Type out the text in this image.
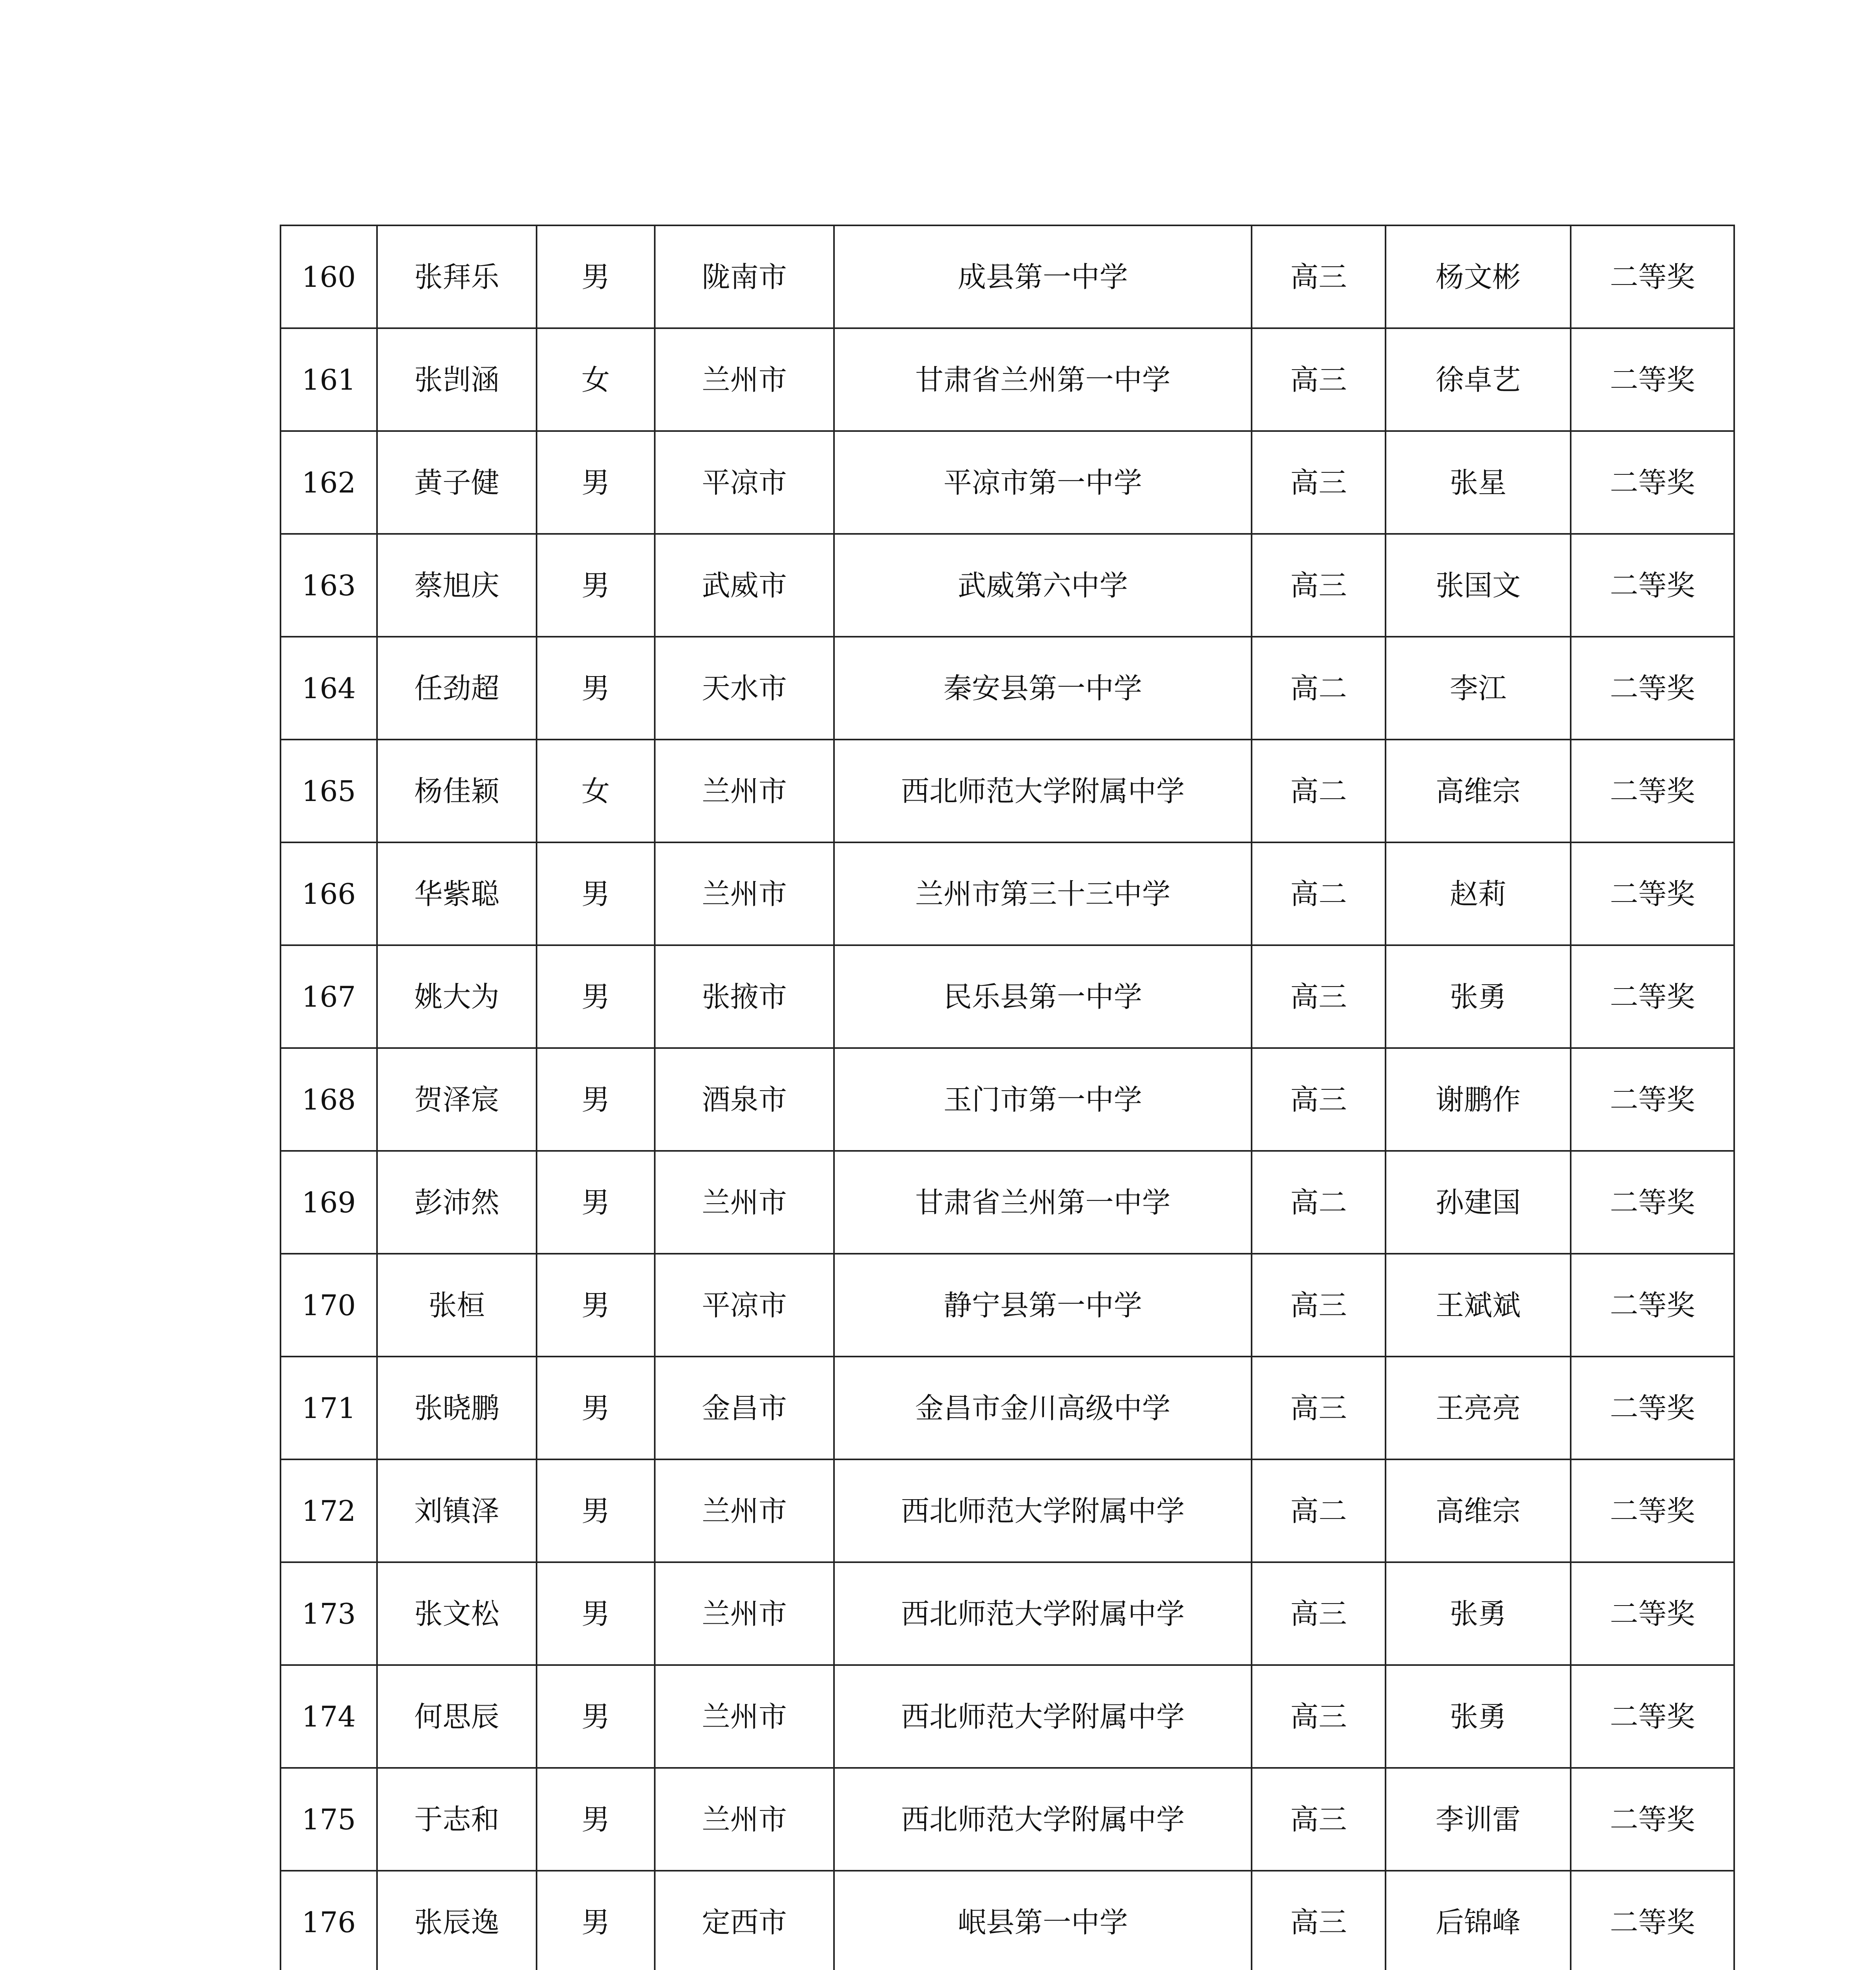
160	张拜乐	男	陇南市	成县第一中学	高三	杨文彬	二等奖
161	张剀涵	女	兰州市	甘肃省兰州第一中学	高三	徐卓艺	二等奖
162	黄子健	男	平凉市	平凉市第一中学	高三	张星	二等奖
163	蔡旭庆	男	武威市	武威第六中学	高三	张国文	二等奖
164	任劲超	男	天水市	秦安县第一中学	高二	李江	二等奖
165	杨佳颖	女	兰州市	西北师范大学附属中学	高二	高维宗	二等奖
166	华紫聪	男	兰州市	兰州市第三十三中学	高二	赵莉	二等奖
167	姚大为	男	张掖市	民乐县第一中学	高三	张勇	二等奖
168	贺泽宸	男	酒泉市	玉门市第一中学	高三	谢鹏作	二等奖
169	彭沛然	男	兰州市	甘肃省兰州第一中学	高二	孙建国	二等奖
170	张桓	男	平凉市	静宁县第一中学	高三	王斌斌	二等奖
171	张晓鹏	男	金昌市	金昌市金川高级中学	高三	王亮亮	二等奖
172	刘镇泽	男	兰州市	西北师范大学附属中学	高二	高维宗	二等奖
173	张文松	男	兰州市	西北师范大学附属中学	高三	张勇	二等奖
174	何思辰	男	兰州市	西北师范大学附属中学	高三	张勇	二等奖
175	于志和	男	兰州市	西北师范大学附属中学	高三	李训雷	二等奖
176	张辰逸	男	定西市	岷县第一中学	高三	后锦峰	二等奖
